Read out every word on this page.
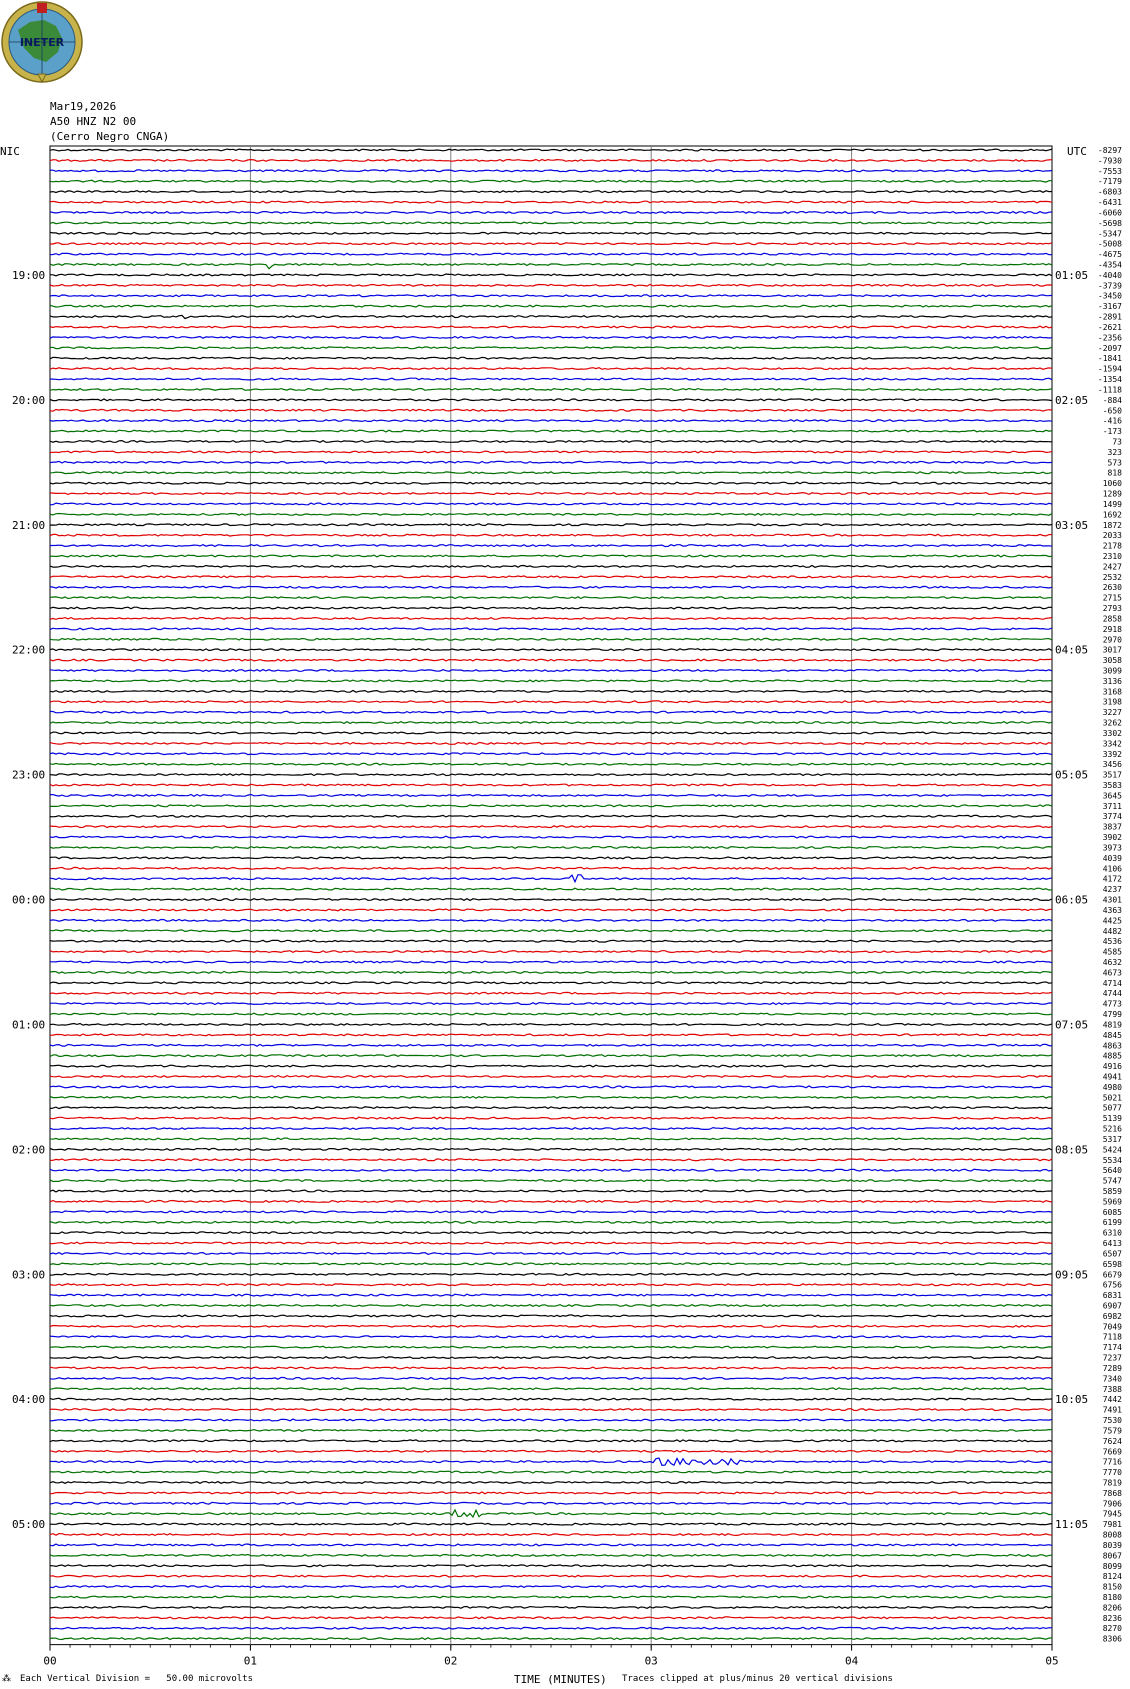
INETER
Mar19,2026
A50 HNZ N2 00
(Cerro Negro CNGA)
NIC	UTC -8297
-7930
-7553
-7179
-6803
-6431
-6060
-5698
-5347
-5008
-4675
-4354
-4040
-3739
-3450
-3167
-2891
-2621
-2356
-2097
-1841
-1594
-1354
-1118
-884
-650
-416
-173
73
323
573
818
1060
1289
1499
1692
1872
2033
2178
2310
2427
2532
2630
2715
2793
2858
2918
2970
3017
3058
3099
3136
3168
3198
3227
3262
3302
3342
3392
3456
3517
3583
3645
3711
3774
3837
3902
3973
4039
4106
4172
4237
4301
4363
4425
4482
4536
4585
4632
4673
4714
4744
4773
4799
4819
4845
4863
4885
4916
4941
4980
5021
5077
5139
5216
5317
5424
5534
5640
5747
5859
5969
6085
6199
6310
6413
6507
6598
6679
6756
6831
6907
6982
7049
7118
7174
7237
7289
7340
7388
7442
7491
7530
7579
7624
7669
7716
7770
7819
7868
7906
7945
7981
8008
8039
8067
8099
8124
8150
8180
8206
8236
8270
8306
19:00	01:05
20:00	02:05
21:00	03:05
22:00	04:05
23:00	05:05
00:00	06:05
01:00	07:05
02:00	08:05
03:00	09:05
04:00	10:05
05:00	11:05
00	01	02	03	04	05
⁂ Each Vertical Division =   50.00 microvolts	TIME (MINUTES) Traces clipped at plus/minus 20 vertical divisions
